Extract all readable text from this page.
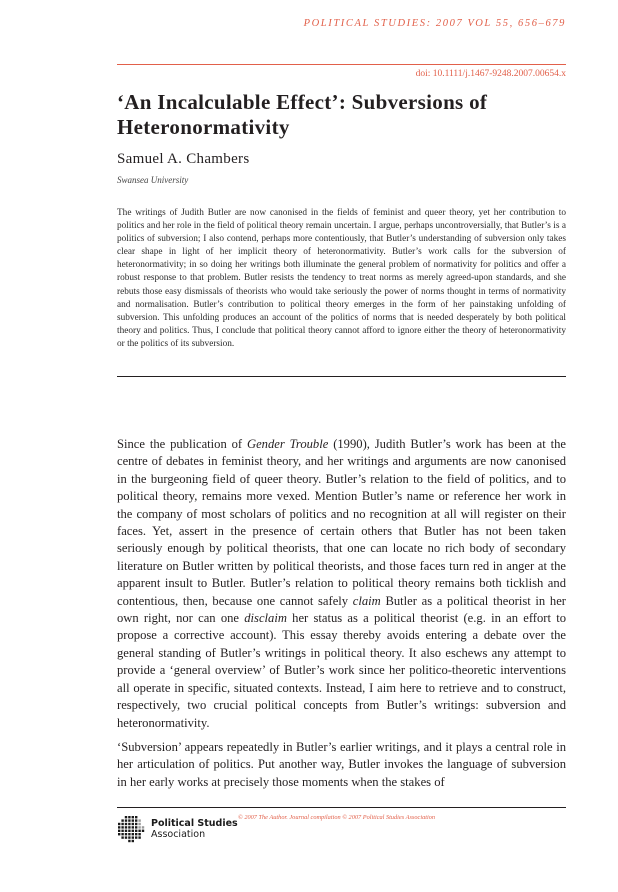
POLITICAL STUDIES: 2007 VOL 55, 656–679
doi: 10.1111/j.1467-9248.2007.00654.x
‘An Incalculable Effect’: Subversions of Heteronormativity
Samuel A. Chambers
Swansea University
The writings of Judith Butler are now canonised in the fields of feminist and queer theory, yet her contribution to politics and her role in the field of political theory remain uncertain. I argue, perhaps uncontroversially, that Butler’s is a politics of subversion; I also contend, perhaps more contentiously, that Butler’s understanding of subversion only takes clear shape in light of her implicit theory of heteronormativity. Butler’s work calls for the subversion of heteronormativity; in so doing her writings both illuminate the general problem of normativity for politics and offer a robust response to that problem. Butler resists the tendency to treat norms as merely agreed-upon standards, and she rebuts those easy dismissals of theorists who would take seriously the power of norms thought in terms of normativity and normalisation. Butler’s contribution to political theory emerges in the form of her painstaking unfolding of subversion. This unfolding produces an account of the politics of norms that is needed desperately by both political theory and politics. Thus, I conclude that political theory cannot afford to ignore either the theory of heteronormativity or the politics of its subversion.

Since the publication of Gender Trouble (1990), Judith Butler’s work has been at the centre of debates in feminist theory, and her writings and arguments are now canonised in the burgeoning field of queer theory. Butler’s relation to the field of politics, and to political theory, remains more vexed. Mention Butler’s name or reference her work in the company of most scholars of politics and no recognition at all will register on their faces. Yet, assert in the presence of certain others that Butler has not been taken seriously enough by political theorists, that one can locate no rich body of secondary literature on Butler written by political theorists, and those faces turn red in anger at the apparent insult to Butler. Butler’s relation to political theory remains both ticklish and contentious, then, because one cannot safely claim Butler as a political theorist in her own right, nor can one disclaim her status as a political theorist (e.g. in an effort to propose a corrective account). This essay thereby avoids entering a debate over the general standing of Butler’s writings in political theory. It also eschews any attempt to provide a ‘general overview’ of Butler’s work since her politico-theoretic interventions all operate in specific, situated contexts. Instead, I aim here to retrieve and to construct, respectively, two crucial political concepts from Butler’s writings: subversion and heteronormativity.

‘Subversion’ appears repeatedly in Butler’s earlier writings, and it plays a central role in her articulation of politics. Put another way, Butler invokes the language of subversion in her early works at precisely those moments when the stakes of

Political Studies
Association
© 2007 The Author. Journal compilation © 2007 Political Studies Association
